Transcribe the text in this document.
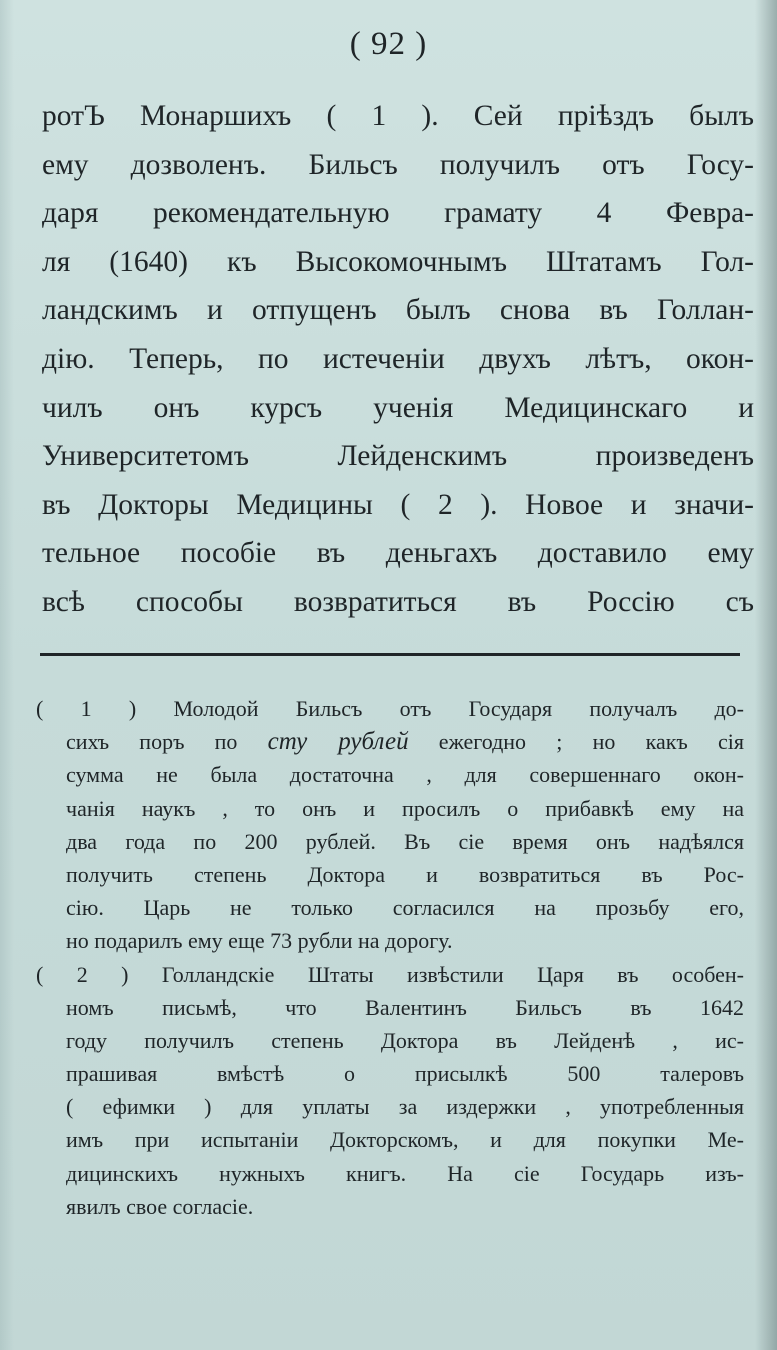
( 92 )
ротЪ Монаршихъ ( 1 ). Сей прiѣздъ былъ
ему дозволенъ. Бильсъ получилъ отъ Госу-
даря рекомендательную грамату 4 Февра-
ля (1640) къ Высокомочнымъ Штатамъ Гол-
ландскимъ и отпущенъ былъ снова въ Голлан-
дiю. Теперь, по истеченiи двухъ лѣтъ, окон-
чилъ онъ курсъ ученiя Медицинскаго и
Университетомъ Лейденскимъ произведенъ
въ Докторы Медицины ( 2 ). Новое и значи-
тельное пособiе въ деньгахъ доставило ему
всѣ способы возвратиться въ Россiю съ
( 1 ) Молодой Бильсъ отъ Государя получалъ до-
сихъ поръ по сту рублей ежегодно ; но какъ сiя
сумма не была достаточна , для совершеннаго окон-
чанiя наукъ , то онъ и просилъ о прибавкѣ ему на
два года по 200 рублей. Въ сiе время онъ надѣялся
получить степень Доктора и возвратиться въ Рос-
сiю. Царь не только согласился на прозьбу его,
но подарилъ ему еще 73 рубли на дорогу.
( 2 ) Голландскiе Штаты извѣстили Царя въ особен-
номъ письмѣ, что Валентинъ Бильсъ въ 1642
году получилъ степень Доктора въ Лейденѣ , ис-
прашивая вмѣстѣ о присылкѣ 500 талеровъ
( ефимки ) для уплаты за издержки , употребленныя
имъ при испытанiи Докторскомъ, и для покупки Ме-
дицинскихъ нужныхъ книгъ. На сiе Государь изъ-
явилъ свое согласiе.
